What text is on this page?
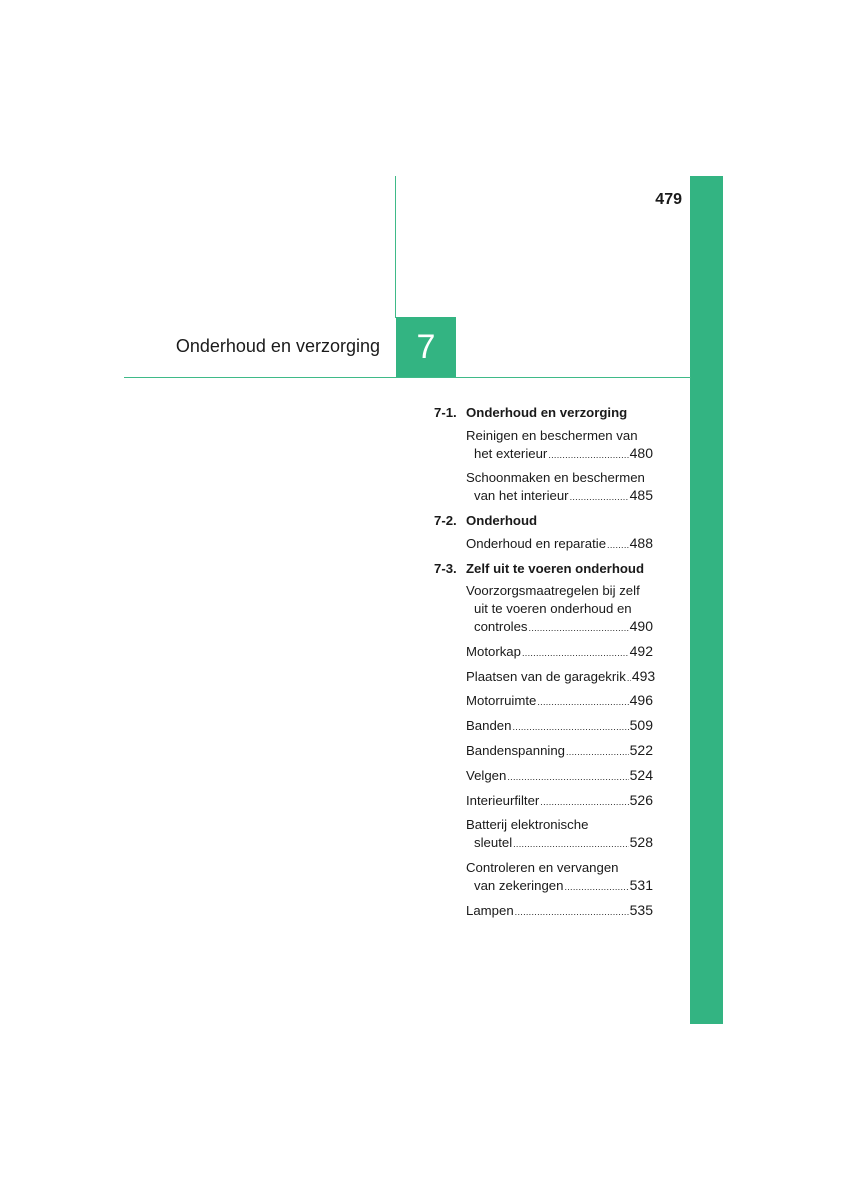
479
Onderhoud en verzorging 7
7-1. Onderhoud en verzorging
Reinigen en beschermen van
het exterieur .....	480
Schoonmaken en beschermen
van het interieur .....	485
7-2. Onderhoud
Onderhoud en reparatie ..... 488
7-3. Zelf uit te voeren onderhoud
Voorzorgsmaatregelen bij zelf
uit te voeren onderhoud en
controles .....	490
Motorkap .....	492
Plaatsen van de garagekrik ..... 493
Motorruimte .....	496
Banden .....	509
Bandenspanning .....	522
Velgen .....	524
Interieurfilter .....	526
Batterij elektronische
sleutel .....	528
Controleren en vervangen
van zekeringen .....	531
Lampen .....	535
